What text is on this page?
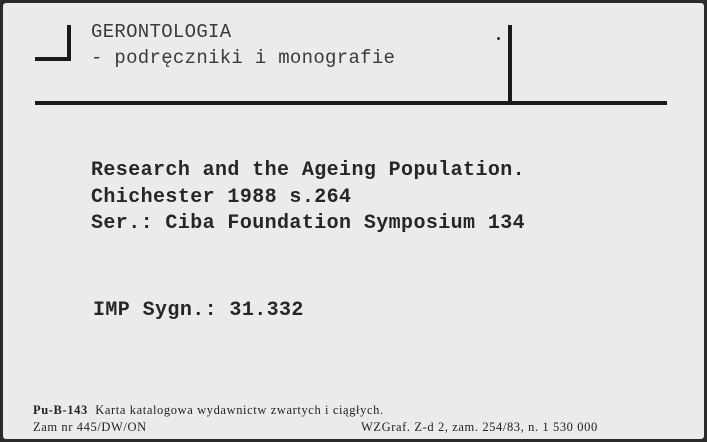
GERONTOLOGIA
- podręczniki i monografie
Research and the Ageing Population.
Chichester 1988 s.264
Ser.: Ciba Foundation Symposium 134
IMP Sygn.: 31.332
Pu-B-143 Karta katalogowa wydawnictw zwartych i ciągłych.
Zam nr 445/DW/ON	WZGraf. Z-d 2, zam. 254/83, n. 1 530 000
